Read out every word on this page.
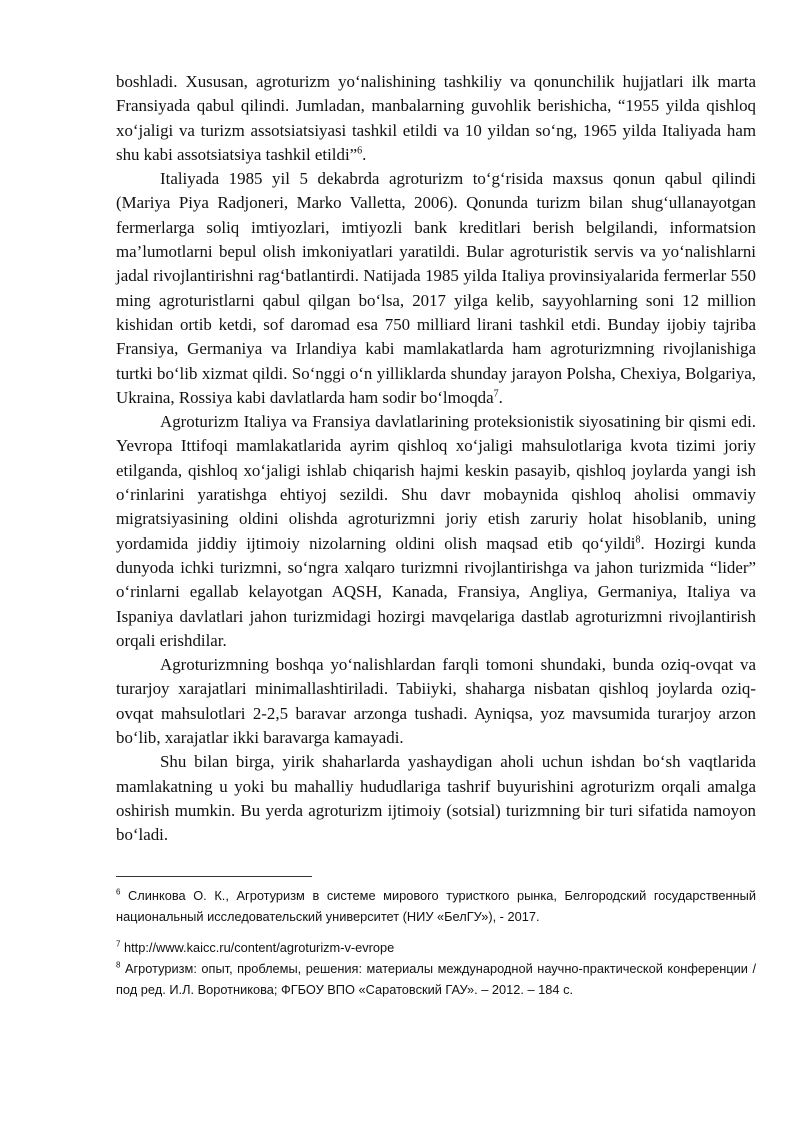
boshladi. Xususan, agroturizm yo‘nalishining tashkiliy va qonunchilik hujjatlari ilk marta Fransiyada qabul qilindi. Jumladan, manbalarning guvohlik berishicha, “1955 yilda qishloq xo‘jaligi va turizm assotsiatsiyasi tashkil etildi va 10 yildan so‘ng, 1965 yilda Italiyada ham shu kabi assotsiatsiya tashkil etildi”$^6$.

Italiyada 1985 yil 5 dekabrda agroturizm to‘g‘risida maxsus qonun qabul qilindi (Mariya Piya Radjoneri, Marko Valletta, 2006). Qonunda turizm bilan shug‘ullanayotgan fermerlarga soliq imtiyozlari, imtiyozli bank kreditlari berish belgilandi, informatsion ma’lumotlarni bepul olish imkoniyatlari yaratildi. Bular agroturistik servis va yo‘nalishlarni jadal rivojlantirishni rag‘batlantirdi. Natijada 1985 yilda Italiya provinsiyalarida fermerlar 550 ming agroturistlarni qabul qilgan bo‘lsa, 2017 yilga kelib, sayyohlarning soni 12 million kishidan ortib ketdi, sof daromad esa 750 milliard lirani tashkil etdi. Bunday ijobiy tajriba Fransiya, Germaniya va Irlandiya kabi mamlakatlarda ham agroturizmning rivojlanishiga turtki bo‘lib xizmat qildi. So‘nggi o‘n yilliklarda shunday jarayon Polsha, Chexiya, Bolgariya, Ukraina, Rossiya kabi davlatlarda ham sodir bo‘lmoqda$^7$.

Agroturizm Italiya va Fransiya davlatlarining proteksionistik siyosatining bir qismi edi. Yevropa Ittifoqi mamlakatlarida ayrim qishloq xo‘jaligi mahsulotlariga kvota tizimi joriy etilganda, qishloq xo‘jaligi ishlab chiqarish hajmi keskin pasayib, qishloq joylarda yangi ish o‘rinlarini yaratishga ehtiyoj sezildi. Shu davr mobaynida qishloq aholisi ommaviy migratsiyasining oldini olishda agroturizmni joriy etish zaruriy holat hisoblanib, uning yordamida jiddiy ijtimoiy nizolarning oldini olish maqsad etib qo‘yildi$^8$. Hozirgi kunda dunyoda ichki turizmni, so‘ngra xalqaro turizmni rivojlantirishga va jahon turizmida “lider” o‘rinlarni egallab kelayotgan AQSH, Kanada, Fransiya, Angliya, Germaniya, Italiya va Ispaniya davlatlari jahon turizmidagi hozirgi mavqelariga dastlab agroturizmni rivojlantirish orqali erishdilar.

Agroturizmning boshqa yo‘nalishlardan farqli tomoni shundaki, bunda oziq-ovqat va turarjoy xarajatlari minimallashtiriladi. Tabiiyki, shaharga nisbatan qishloq joylarda oziq-ovqat mahsulotlari 2-2,5 baravar arzonga tushadi. Ayniqsa, yoz mavsumida turarjoy arzon bo‘lib, xarajatlar ikki baravarga kamayadi.

Shu bilan birga, yirik shaharlarda yashaydigan aholi uchun ishdan bo‘sh vaqtlarida mamlakatning u yoki bu mahalliy hududlariga tashrif buyurishini agroturizm orqali amalga oshirish mumkin. Bu yerda agroturizm ijtimoiy (sotsial) turizmning bir turi sifatida namoyon bo‘ladi.

$^6$ Слинкова О. К., Агротуризм в системе мирового туристкого рынка, Белгородский государственный национальный исследовательский университет (НИУ «БелГУ»), - 2017.

$^7$ http://www.kaicc.ru/content/agroturizm-v-evrope

$^8$ Агротуризм: опыт, проблемы, решения: материалы международной научно-практической конференции / под ред. И.Л. Воротникова; ФГБОУ ВПО «Саратовский ГАУ». – 2012. – 184 с.
